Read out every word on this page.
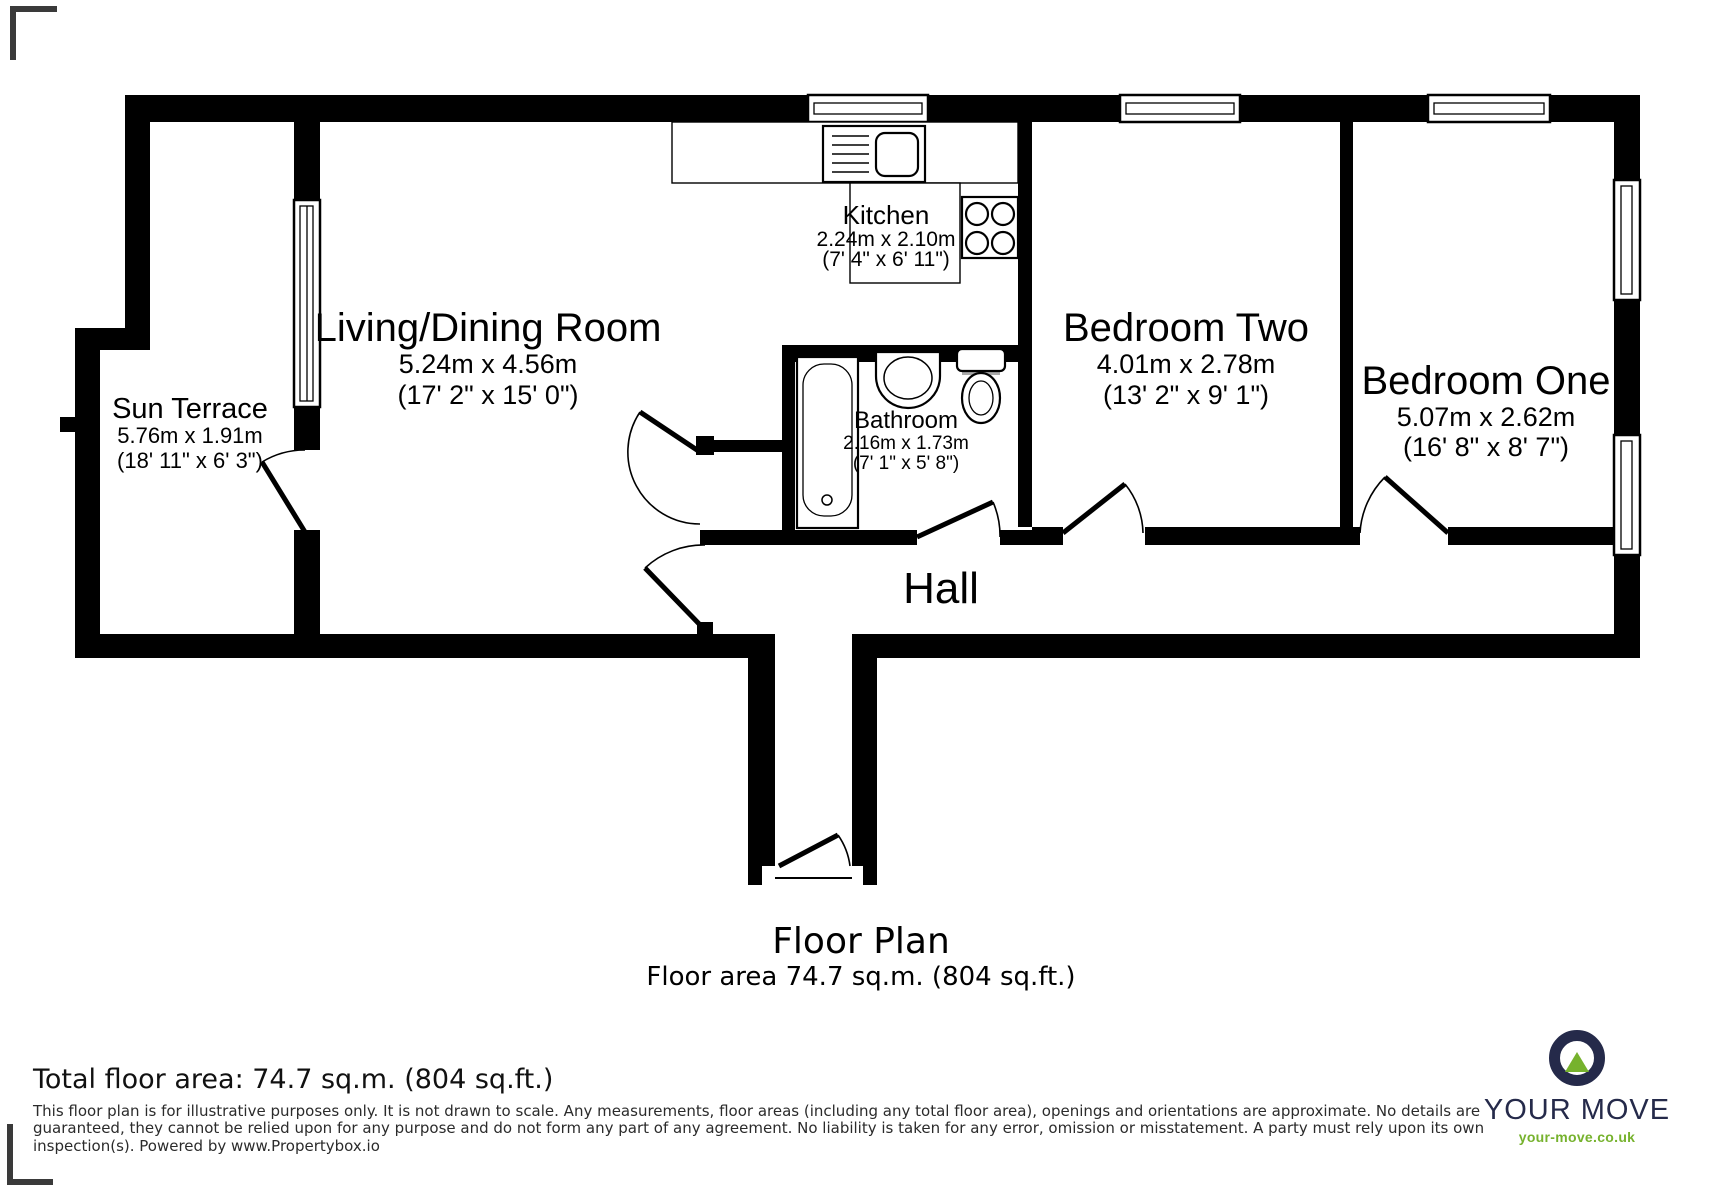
Sun Terrace
5.76m x 1.91m
(18' 11" x 6' 3")
Living/Dining Room
5.24m x 4.56m
(17' 2" x 15' 0")
Kitchen
2.24m x 2.10m
(7' 4" x 6' 11")
Bathroom
2.16m x 1.73m
(7' 1" x 5' 8")
Bedroom Two
4.01m x 2.78m
(13' 2" x 9' 1") Bedroom One
5.07m x 2.62m
(16' 8" x 8' 7")
Hall
Floor Plan
Floor area 74.7 sq.m. (804 sq.ft.)
Total floor area: 74.7 sq.m. (804 sq.ft.)
This floor plan is for illustrative purposes only. It is not drawn to scale. Any measurements, floor areas (including any total floor area), openings and orientations are approximate. No details are
guaranteed, they cannot be relied upon for any purpose and do not form any part of any agreement. No liability is taken for any error, omission or misstatement. A party must rely upon its own
inspection(s). Powered by www.Propertybox.io
YOUR MOVE
your-move.co.uk
